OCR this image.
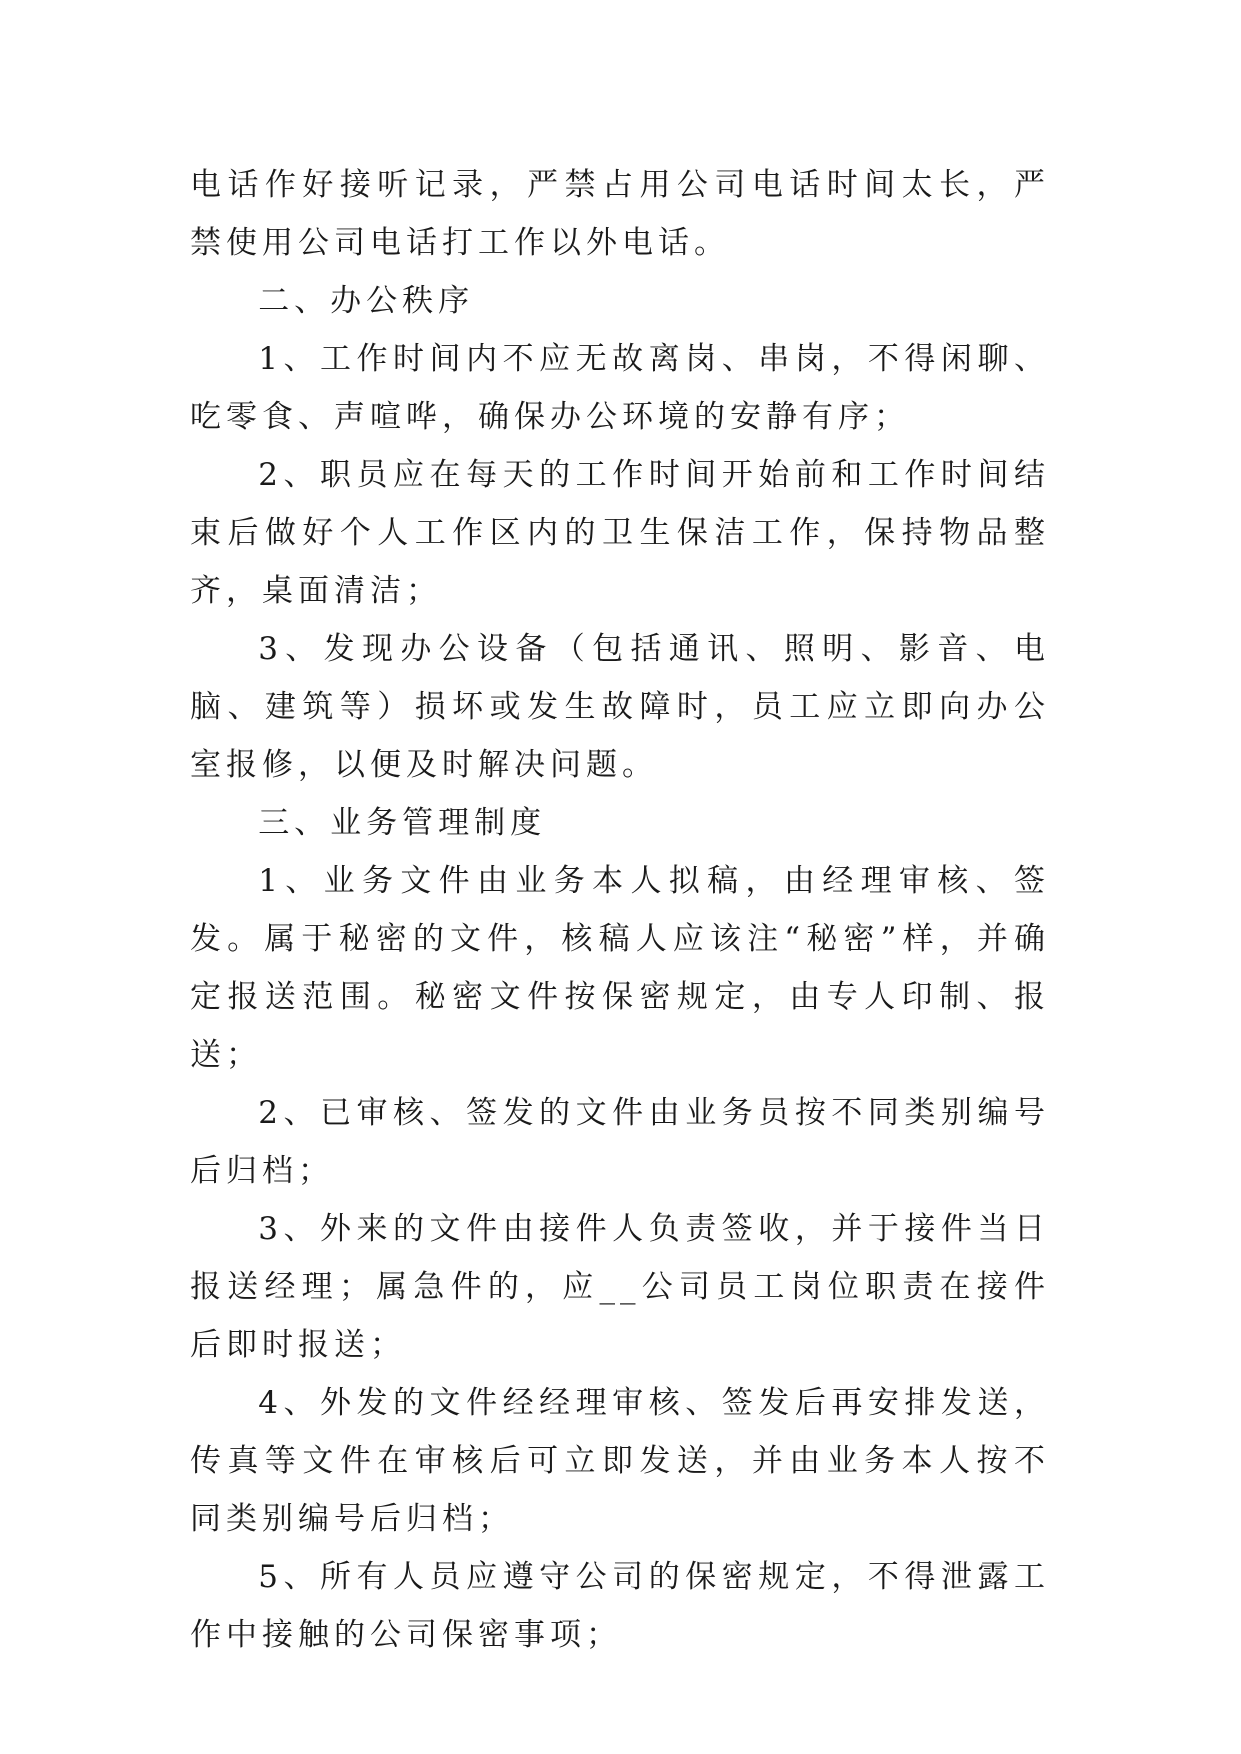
电话作好接听记录，严禁占用公司电话时间太长，严禁使用公司电话打工作以外电话。

二、办公秩序

1、工作时间内不应无故离岗、串岗，不得闲聊、吃零食、声喧哗，确保办公环境的安静有序；

2、职员应在每天的工作时间开始前和工作时间结束后做好个人工作区内的卫生保洁工作，保持物品整齐，桌面清洁；

3、发现办公设备（包括通讯、照明、影音、电脑、建筑等）损坏或发生故障时，员工应立即向办公室报修，以便及时解决问题。

三、业务管理制度

1、业务文件由业务本人拟稿，由经理审核、签发。属于秘密的文件，核稿人应该注“秘密”样，并确定报送范围。秘密文件按保密规定，由专人印制、报送；

2、已审核、签发的文件由业务员按不同类别编号后归档；

3、外来的文件由接件人负责签收，并于接件当日报送经理；属急件的，应__公司员工岗位职责在接件后即时报送；

4、外发的文件经经理审核、签发后再安排发送，传真等文件在审核后可立即发送，并由业务本人按不同类别编号后归档；

5、所有人员应遵守公司的保密规定，不得泄露工作中接触的公司保密事项；
